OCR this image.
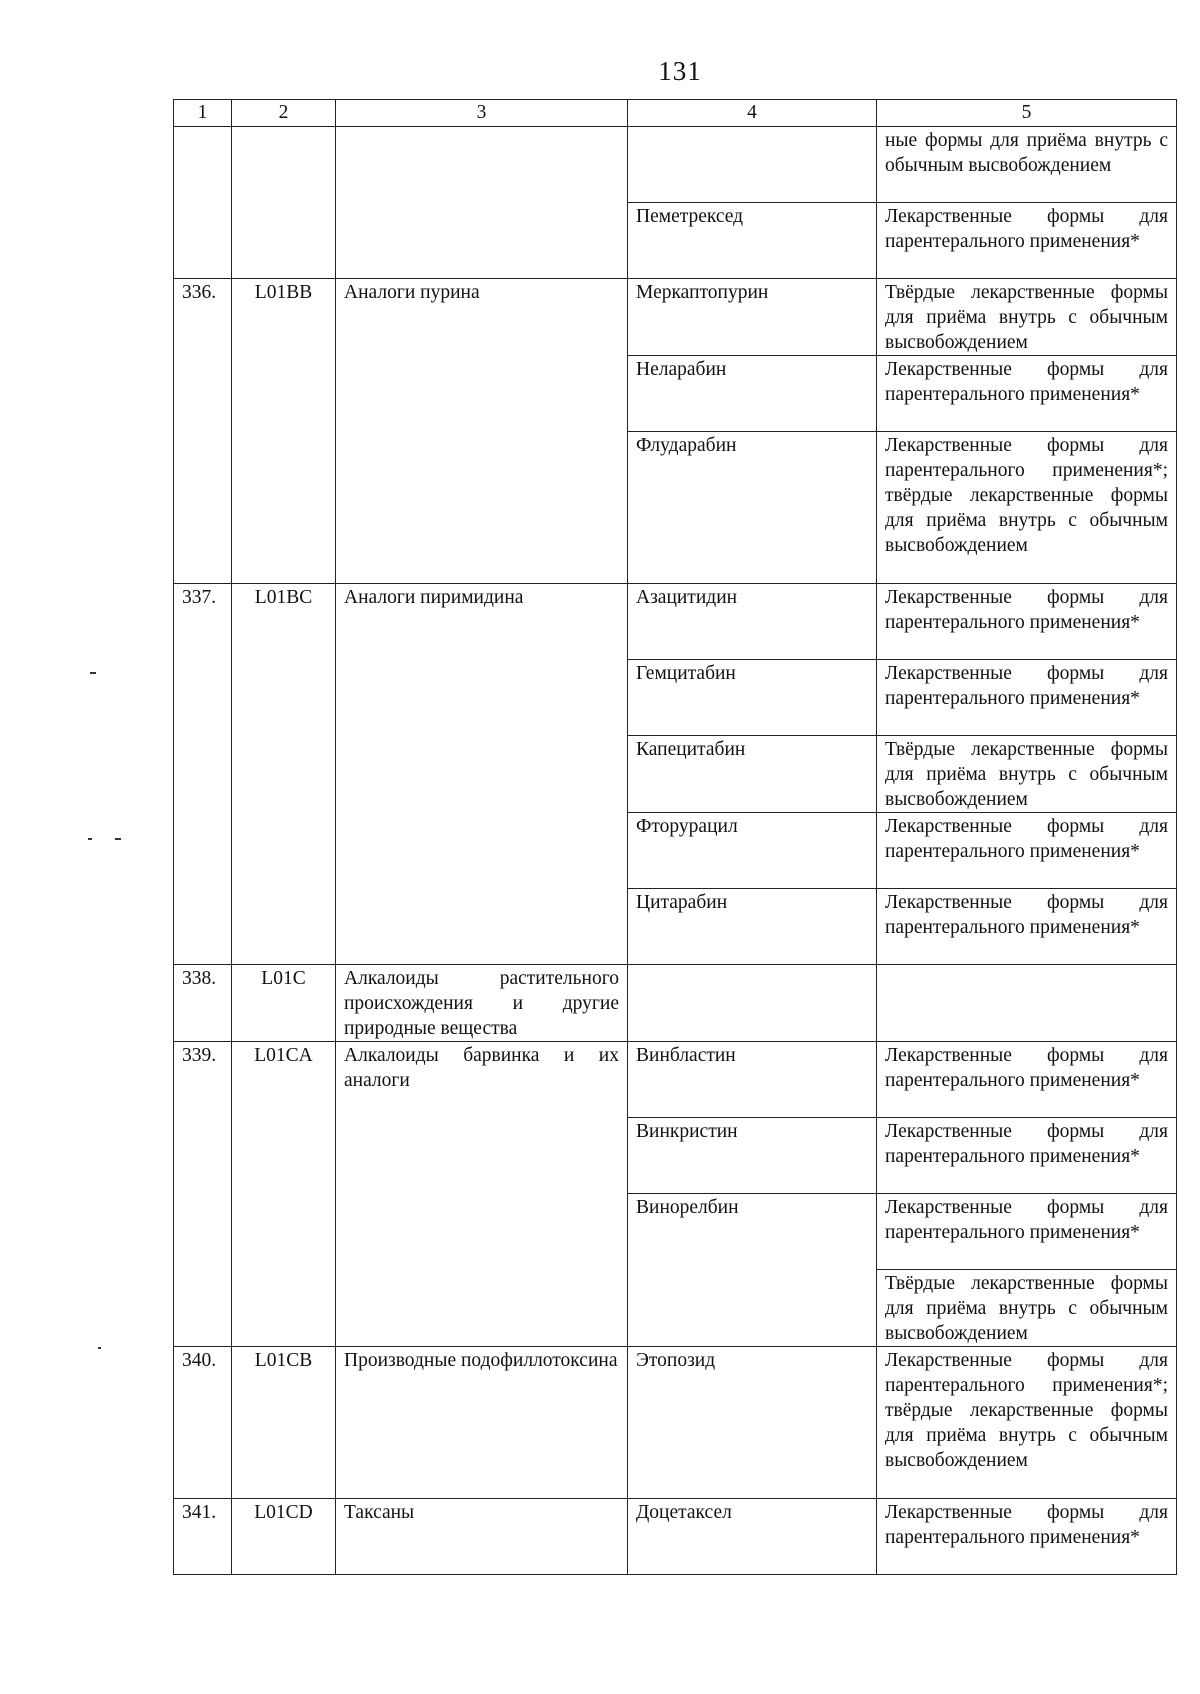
131
1	2	3	4	5
				ные формы для приёма внутрь с обычным высвобождением
			Пеметрексед	Лекарственные формы для парентерального применения*
336.	L01BB	Аналоги пурина	Меркаптопурин	Твёрдые лекарственные формы для приёма внутрь с обычным высвобождением
			Неларабин	Лекарственные формы для парентерального применения*
			Флударабин	Лекарственные формы для парентерального применения*; твёрдые лекарственные формы для приёма внутрь с обычным высвобождением
337.	L01BC	Аналоги пиримидина	Азацитидин	Лекарственные формы для парентерального применения*
			Гемцитабин	Лекарственные формы для парентерального применения*
			Капецитабин	Твёрдые лекарственные формы для приёма внутрь с обычным высвобождением
			Фторурацил	Лекарственные формы для парентерального применения*
			Цитарабин	Лекарственные формы для парентерального применения*
338.	L01C	Алкалоиды растительного происхождения и другие природные вещества		
339.	L01CA	Алкалоиды барвинка и их аналоги	Винбластин	Лекарственные формы для парентерального применения*
			Винкристин	Лекарственные формы для парентерального применения*
			Винорелбин	Лекарственные формы для парентерального применения*
				Твёрдые лекарственные формы для приёма внутрь с обычным высвобождением
340.	L01CB	Производные подофиллотоксина	Этопозид	Лекарственные формы для парентерального применения*; твёрдые лекарственные формы для приёма внутрь с обычным высвобождением
341.	L01CD	Таксаны	Доцетаксел	Лекарственные формы для парентерального применения*
